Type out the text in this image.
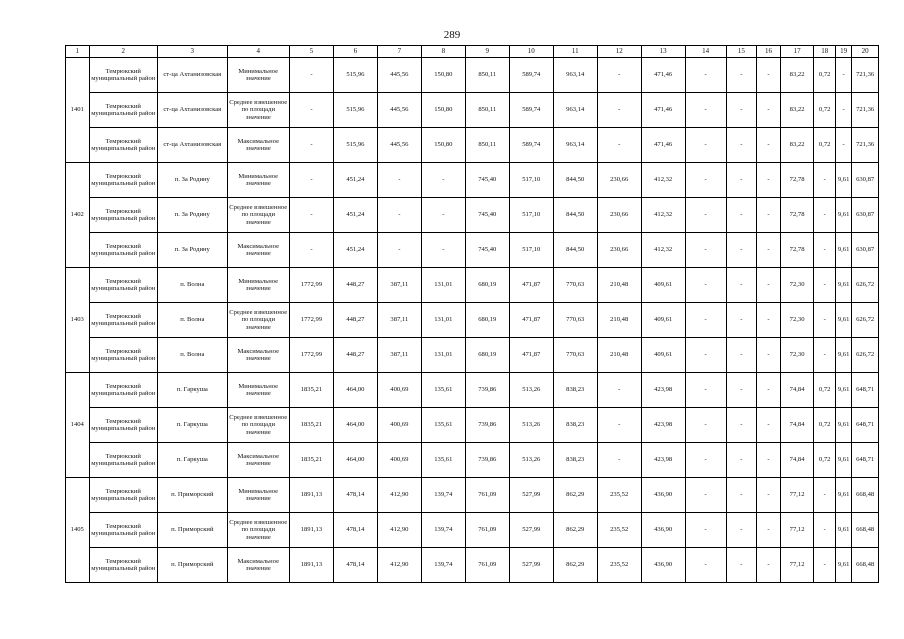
289
1	2	3	4	5	6	7	8	9	10	11	12	13	14	15	16	17	18	19	20
1401	Темрюкский муниципальный район	ст-ца Ахтанизовская	Минимальное значение	-	515,96	445,56	150,80	850,11	589,74	963,14	-	471,46	-	-	-	83,22	0,72	-	721,36
	Темрюкский муниципальный район	ст-ца Ахтанизовская	Среднее взвешенное по площади значение	-	515,96	445,56	150,80	850,11	589,74	963,14	-	471,46	-	-	-	83,22	0,72	-	721,36
	Темрюкский муниципальный район	ст-ца Ахтанизовская	Максимальное значение	-	515,96	445,56	150,80	850,11	589,74	963,14	-	471,46	-	-	-	83,22	0,72	-	721,36
1402	Темрюкский муниципальный район	п. За Родину	Минимальное значение	-	451,24	-	-	745,40	517,10	844,50	230,66	412,32	-	-	-	72,78	-	9,61	630,87
	Темрюкский муниципальный район	п. За Родину	Среднее взвешенное по площади значение	-	451,24	-	-	745,40	517,10	844,50	230,66	412,32	-	-	-	72,78	-	9,61	630,87
	Темрюкский муниципальный район	п. За Родину	Максимальное значение	-	451,24	-	-	745,40	517,10	844,50	230,66	412,32	-	-	-	72,78	-	9,61	630,87
1403	Темрюкский муниципальный район	п. Волна	Минимальное значение	1772,99	448,27	387,11	131,01	680,19	471,87	770,63	210,48	409,61	-	-	-	72,30	-	9,61	626,72
	Темрюкский муниципальный район	п. Волна	Среднее взвешенное по площади значение	1772,99	448,27	387,11	131,01	680,19	471,87	770,63	210,48	409,61	-	-	-	72,30	-	9,61	626,72
	Темрюкский муниципальный район	п. Волна	Максимальное значение	1772,99	448,27	387,11	131,01	680,19	471,87	770,63	210,48	409,61	-	-	-	72,30	-	9,61	626,72
1404	Темрюкский муниципальный район	п. Гаркуша	Минимальное значение	1835,21	464,00	400,69	135,61	739,86	513,26	838,23	-	423,98	-	-	-	74,84	0,72	9,61	648,71
	Темрюкский муниципальный район	п. Гаркуша	Среднее взвешенное по площади значение	1835,21	464,00	400,69	135,61	739,86	513,26	838,23	-	423,98	-	-	-	74,84	0,72	9,61	648,71
	Темрюкский муниципальный район	п. Гаркуша	Максимальное значение	1835,21	464,00	400,69	135,61	739,86	513,26	838,23	-	423,98	-	-	-	74,84	0,72	9,61	648,71
1405	Темрюкский муниципальный район	п. Приморский	Минимальное значение	1891,13	478,14	412,90	139,74	761,09	527,99	862,29	235,52	436,90	-	-	-	77,12	-	9,61	668,48
	Темрюкский муниципальный район	п. Приморский	Среднее взвешенное по площади значение	1891,13	478,14	412,90	139,74	761,09	527,99	862,29	235,52	436,90	-	-	-	77,12	-	9,61	668,48
	Темрюкский муниципальный район	п. Приморский	Максимальное значение	1891,13	478,14	412,90	139,74	761,09	527,99	862,29	235,52	436,90	-	-	-	77,12	-	9,61	668,48
